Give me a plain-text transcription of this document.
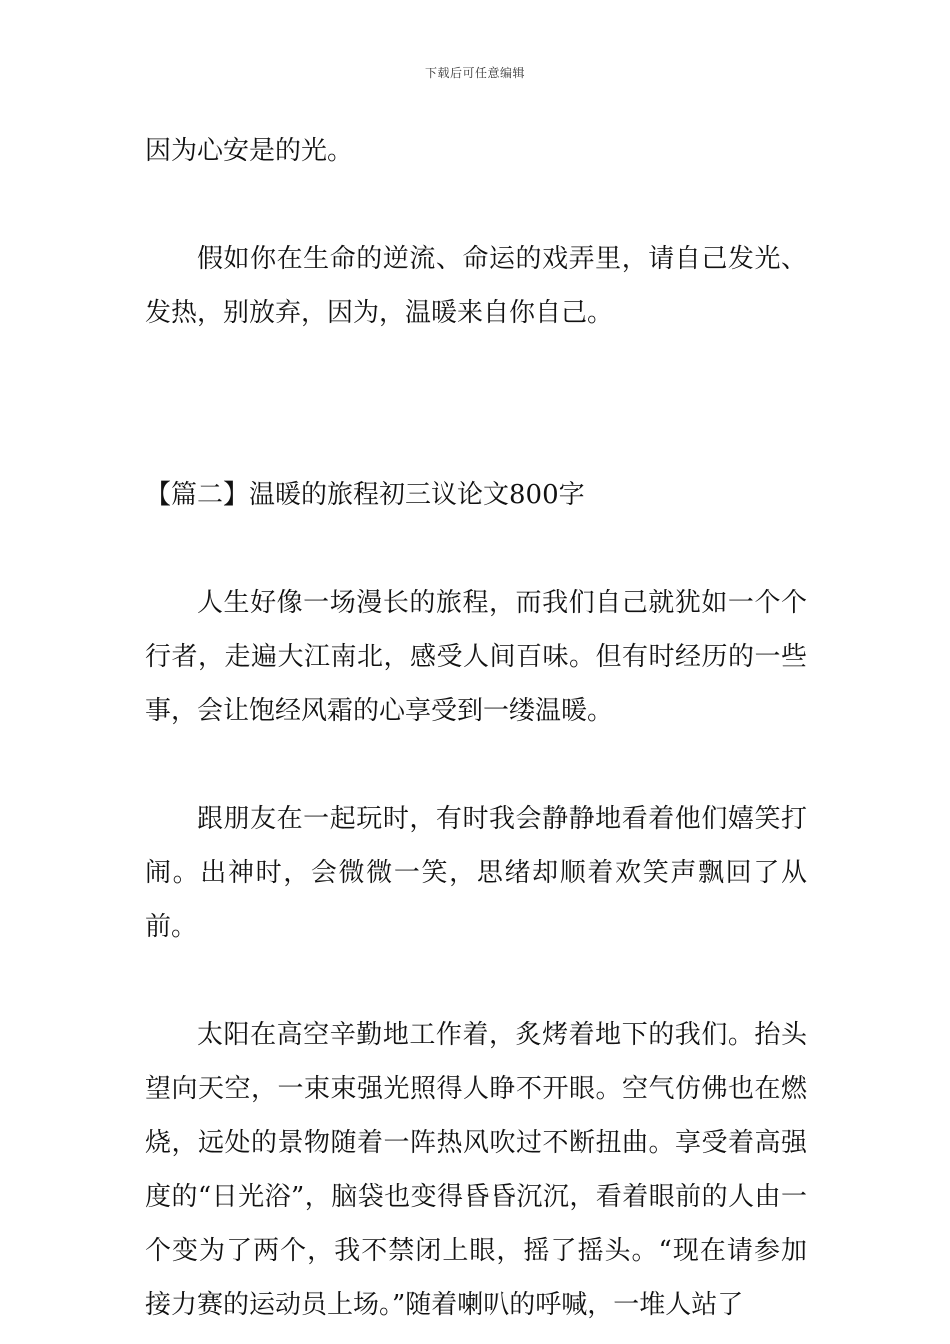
下载后可任意编辑

因为心安是的光。

假如你在生命的逆流、命运的戏弄里，请自己发光、发热，别放弃，因为，温暖来自你自己。

【篇二】温暖的旅程初三议论文800字

人生好像一场漫长的旅程，而我们自己就犹如一个个行者，走遍大江南北，感受人间百味。但有时经历的一些事，会让饱经风霜的心享受到一缕温暖。

跟朋友在一起玩时，有时我会静静地看着他们嬉笑打闹。出神时，会微微一笑，思绪却顺着欢笑声飘回了从前。

太阳在高空辛勤地工作着，炙烤着地下的我们。抬头望向天空，一束束强光照得人睁不开眼。空气仿佛也在燃烧，远处的景物随着一阵热风吹过不断扭曲。享受着高强度的“日光浴”，脑袋也变得昏昏沉沉，看着眼前的人由一个变为了两个，我不禁闭上眼，摇了摇头。“现在请参加接力赛的运动员上场。”随着喇叭的呼喊，一堆人站了
